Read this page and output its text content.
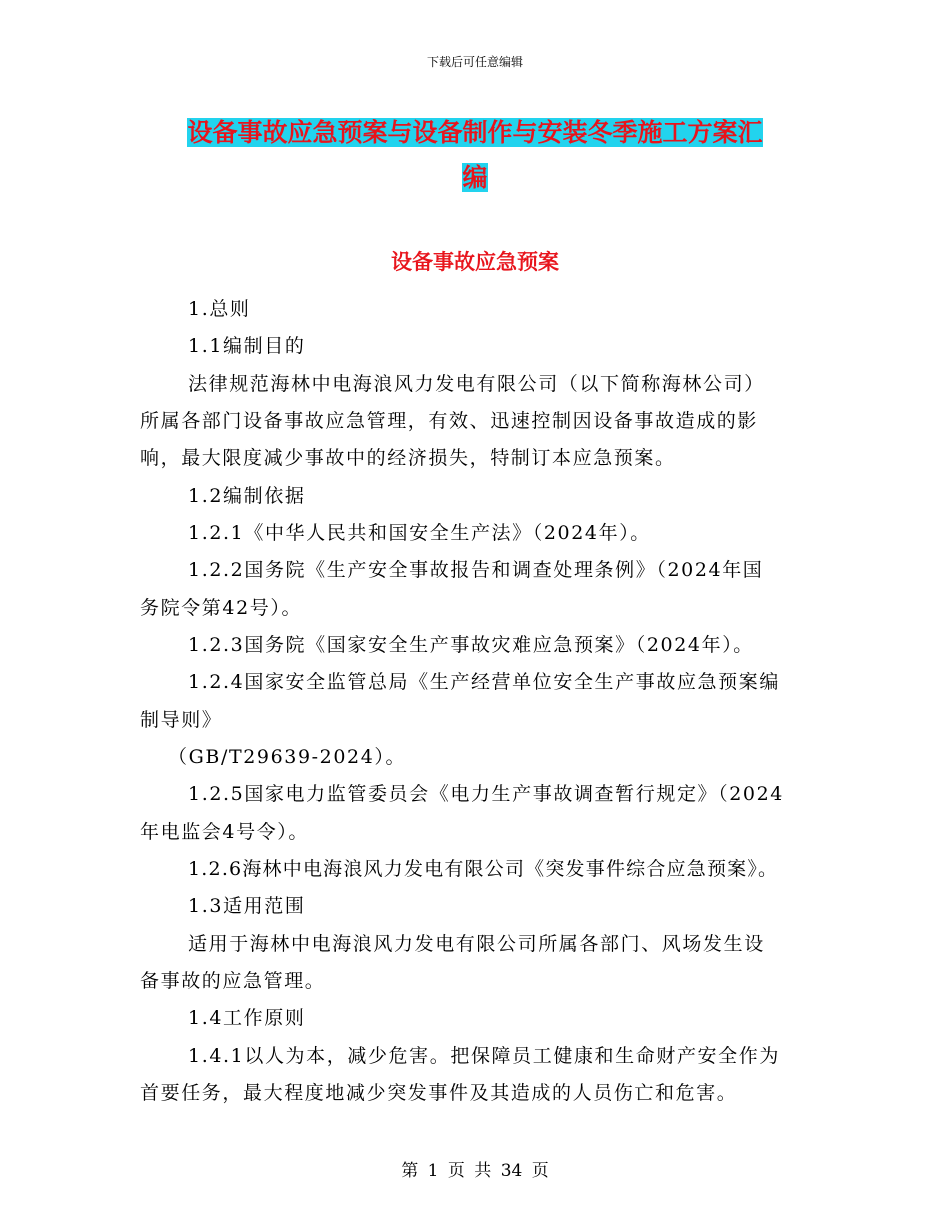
下载后可任意编辑
设备事故应急预案与设备制作与安装冬季施工方案汇
编
设备事故应急预案
1.总则
1.1编制目的
法律规范海林中电海浪风力发电有限公司（以下简称海林公司）
所属各部门设备事故应急管理，有效、迅速控制因设备事故造成的影
响，最大限度减少事故中的经济损失，特制订本应急预案。
1.2编制依据
1.2.1《中华人民共和国安全生产法》（2024年）。
1.2.2国务院《生产安全事故报告和调查处理条例》（2024年国
务院令第42号）。
1.2.3国务院《国家安全生产事故灾难应急预案》（2024年）。
1.2.4国家安全监管总局《生产经营单位安全生产事故应急预案编
制导则》
（GB/T29639-2024）。
1.2.5国家电力监管委员会《电力生产事故调查暂行规定》（2024
年电监会4号令）。
1.2.6海林中电海浪风力发电有限公司《突发事件综合应急预案》。
1.3适用范围
适用于海林中电海浪风力发电有限公司所属各部门、风场发生设
备事故的应急管理。
1.4工作原则
1.4.1以人为本，减少危害。把保障员工健康和生命财产安全作为
首要任务，最大程度地减少突发事件及其造成的人员伤亡和危害。
第 1 页 共 34 页
